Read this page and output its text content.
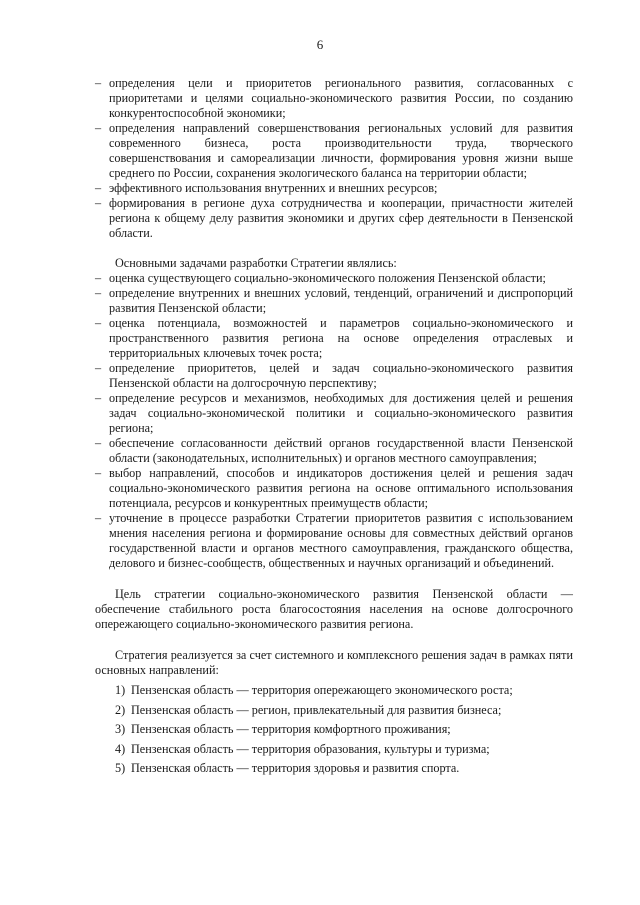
6
– определения цели и приоритетов регионального развития, согласованных с приоритетами и целями социально-экономического развития России, по созданию конкурентоспособной экономики;
– определения направлений совершенствования региональных условий для развития современного бизнеса, роста производительности труда, творческого совершенствования и самореализации личности, формирования уровня жизни выше среднего по России, сохранения экологического баланса на территории области;
– эффективного использования внутренних и внешних ресурсов;
– формирования в регионе духа сотрудничества и кооперации, причастности жителей региона к общему делу развития экономики и других сфер деятельности в Пензенской области.

Основными задачами разработки Стратегии являлись:

– оценка существующего социально-экономического положения Пензенской области;
– определение внутренних и внешних условий, тенденций, ограничений и диспропорций развития Пензенской области;
– оценка потенциала, возможностей и параметров социально-экономического и пространственного развития региона на основе определения отраслевых и территориальных ключевых точек роста;
– определение приоритетов, целей и задач социально-экономического развития Пензенской области на долгосрочную перспективу;
– определение ресурсов и механизмов, необходимых для достижения целей и решения задач социально-экономической политики и социально-экономического развития региона;
– обеспечение согласованности действий органов государственной власти Пензенской области (законодательных, исполнительных) и органов местного самоуправления;
– выбор направлений, способов и индикаторов достижения целей и решения задач социально-экономического развития региона на основе оптимального использования потенциала, ресурсов и конкурентных преимуществ области;
– уточнение в процессе разработки Стратегии приоритетов развития с использованием мнения населения региона и формирование основы для совместных действий органов государственной власти и органов местного самоуправления, гражданского общества, делового и бизнес-сообществ, общественных и научных организаций и объединений.

Цель стратегии социально-экономического развития Пензенской области — обеспечение стабильного роста благосостояния населения на основе долгосрочного опережающего социально-экономического развития региона.

Стратегия реализуется за счет системного и комплексного решения задач в рамках пяти основных направлений:

1) Пензенская область — территория опережающего экономического роста;
2) Пензенская область — регион, привлекательный для развития бизнеса;
3) Пензенская область — территория комфортного проживания;
4) Пензенская область — территория образования, культуры и туризма;
5) Пензенская область — территория здоровья и развития спорта.
